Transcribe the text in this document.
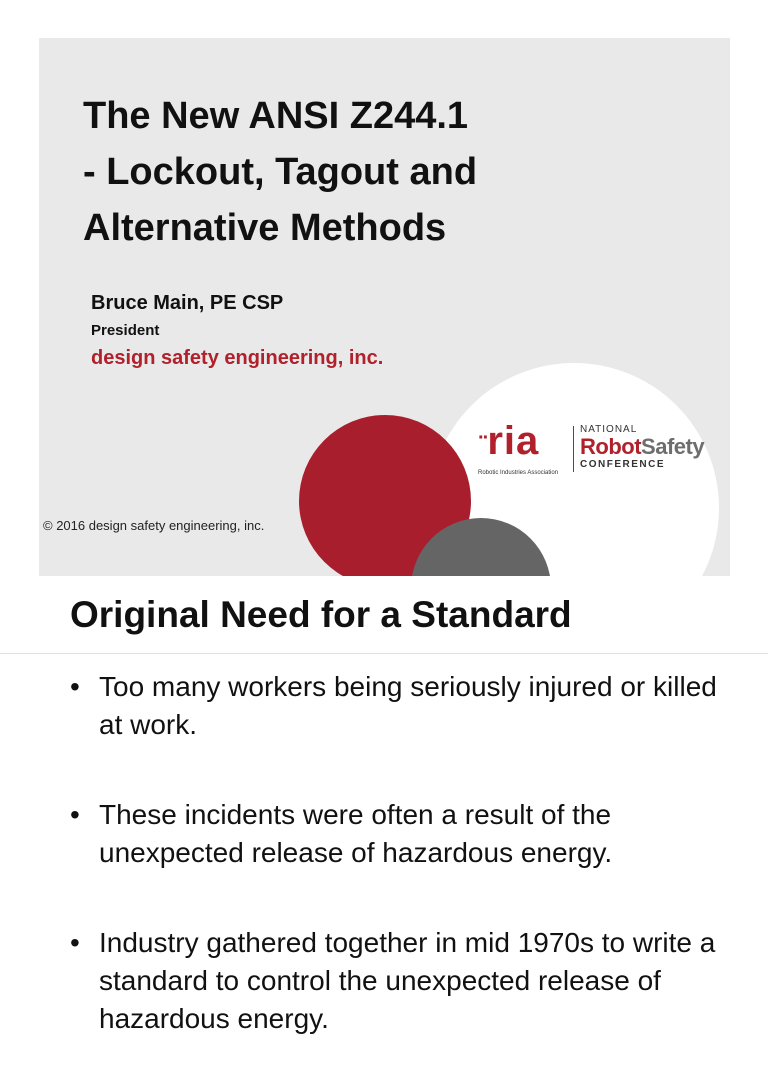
The New ANSI Z244.1
- Lockout, Tagout and
Alternative Methods
Bruce Main, PE CSP
President
design safety engineering, inc.
··ria
Robotic Industries Association
NATIONAL
RobotSafety
CONFERENCE
© 2016 design safety engineering, inc.
Original Need for a Standard
• Too many workers being seriously injured or killed at work.
• These incidents were often a result of the unexpected release of hazardous energy.
• Industry gathered together in mid 1970s to write a standard to control the unexpected release of hazardous energy.
